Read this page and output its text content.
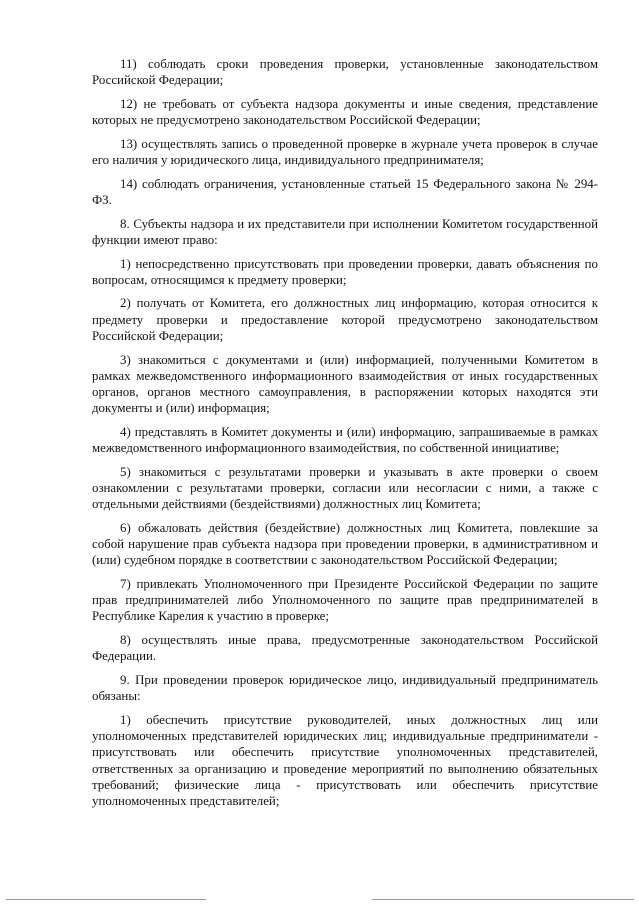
11) соблюдать сроки проведения проверки, установленные законодательством Российской Федерации;

12) не требовать от субъекта надзора документы и иные сведения, представление которых не предусмотрено законодательством Российской Федерации;

13) осуществлять запись о проведенной проверке в журнале учета проверок в случае его наличия у юридического лица, индивидуального предпринимателя;

14) соблюдать ограничения, установленные статьей 15 Федерального закона № 294-ФЗ.

8. Субъекты надзора и их представители при исполнении Комитетом государственной функции имеют право:

1) непосредственно присутствовать при проведении проверки, давать объяснения по вопросам, относящимся к предмету проверки;

2) получать от Комитета, его должностных лиц информацию, которая относится к предмету проверки и предоставление которой предусмотрено законодательством Российской Федерации;

3) знакомиться с документами и (или) информацией, полученными Комитетом в рамках межведомственного информационного взаимодействия от иных государственных органов, органов местного самоуправления, в распоряжении которых находятся эти документы и (или) информация;

4) представлять в Комитет документы и (или) информацию, запрашиваемые в рамках межведомственного информационного взаимодействия, по собственной инициативе;

5) знакомиться с результатами проверки и указывать в акте проверки о своем ознакомлении с результатами проверки, согласии или несогласии с ними, а также с отдельными действиями (бездействиями) должностных лиц Комитета;

6) обжаловать действия (бездействие) должностных лиц Комитета, повлекшие за собой нарушение прав субъекта надзора при проведении проверки, в административном и (или) судебном порядке в соответствии с законодательством Российской Федерации;

7) привлекать Уполномоченного при Президенте Российской Федерации по защите прав предпринимателей либо Уполномоченного по защите прав предпринимателей в Республике Карелия к участию в проверке;

8) осуществлять иные права, предусмотренные законодательством Российской Федерации.

9. При проведении проверок юридическое лицо, индивидуальный предприниматель обязаны:

1) обеспечить присутствие руководителей, иных должностных лиц или уполномоченных представителей юридических лиц; индивидуальные предприниматели - присутствовать или обеспечить присутствие уполномоченных представителей, ответственных за организацию и проведение мероприятий по выполнению обязательных требований; физические лица - присутствовать или обеспечить присутствие уполномоченных представителей;
